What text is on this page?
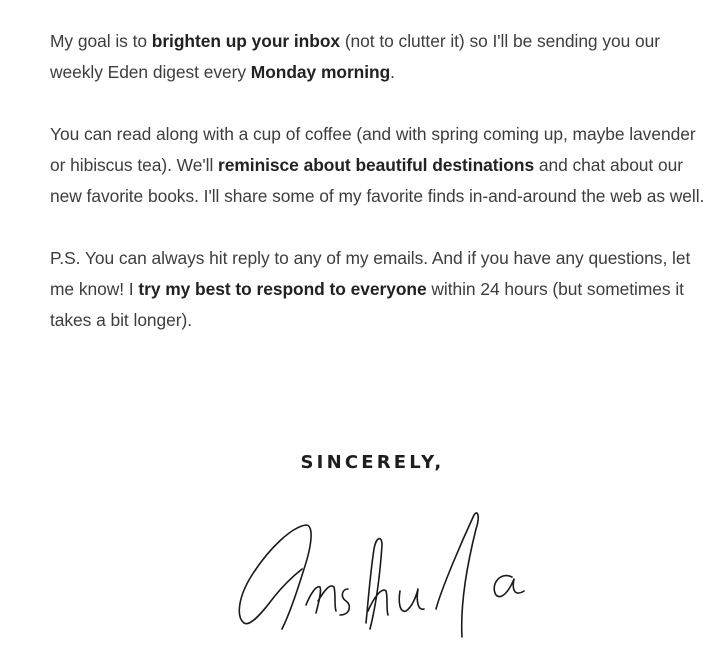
My goal is to brighten up your inbox (not to clutter it) so I'll be sending you our weekly Eden digest every Monday morning.

You can read along with a cup of coffee (and with spring coming up, maybe lavender or hibiscus tea). We'll reminisce about beautiful destinations and chat about our new favorite books. I'll share some of my favorite finds in-and-around the web as well.

P.S. You can always hit reply to any of my emails. And if you have any questions, let me know! I try my best to respond to everyone within 24 hours (but sometimes it takes a bit longer).

SINCERELY,
